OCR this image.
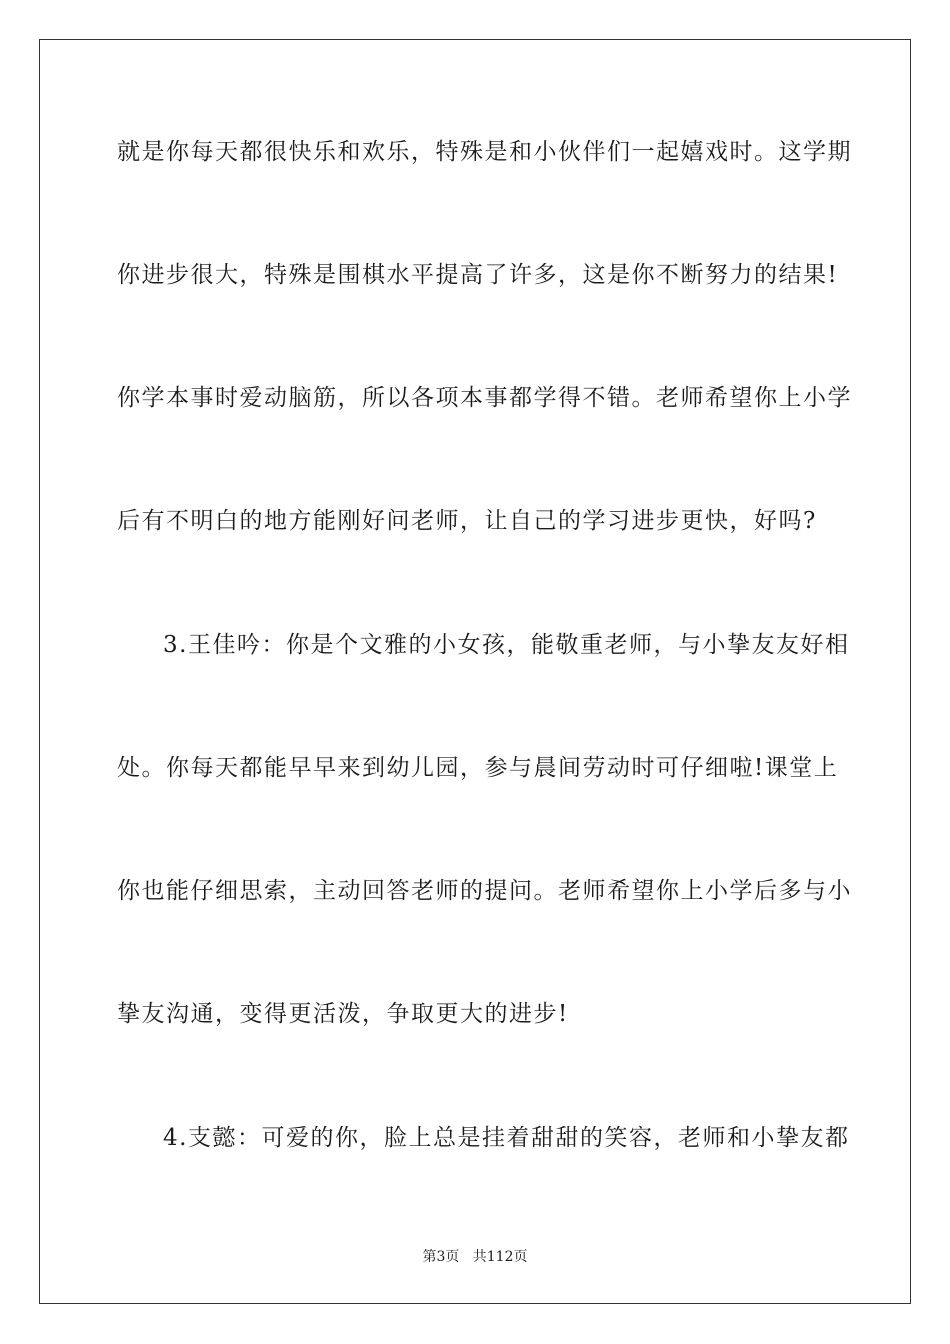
就是你每天都很快乐和欢乐，特殊是和小伙伴们一起嬉戏时。这学期
你进步很大，特殊是围棋水平提高了许多，这是你不断努力的结果!
你学本事时爱动脑筋，所以各项本事都学得不错。老师希望你上小学
后有不明白的地方能刚好问老师，让自己的学习进步更快，好吗?
3.王佳吟：你是个文雅的小女孩，能敬重老师，与小挚友友好相
处。你每天都能早早来到幼儿园，参与晨间劳动时可仔细啦!课堂上
你也能仔细思索，主动回答老师的提问。老师希望你上小学后多与小
挚友沟通，变得更活泼，争取更大的进步!
4.支懿：可爱的你，脸上总是挂着甜甜的笑容，老师和小挚友都
第3页   共112页
